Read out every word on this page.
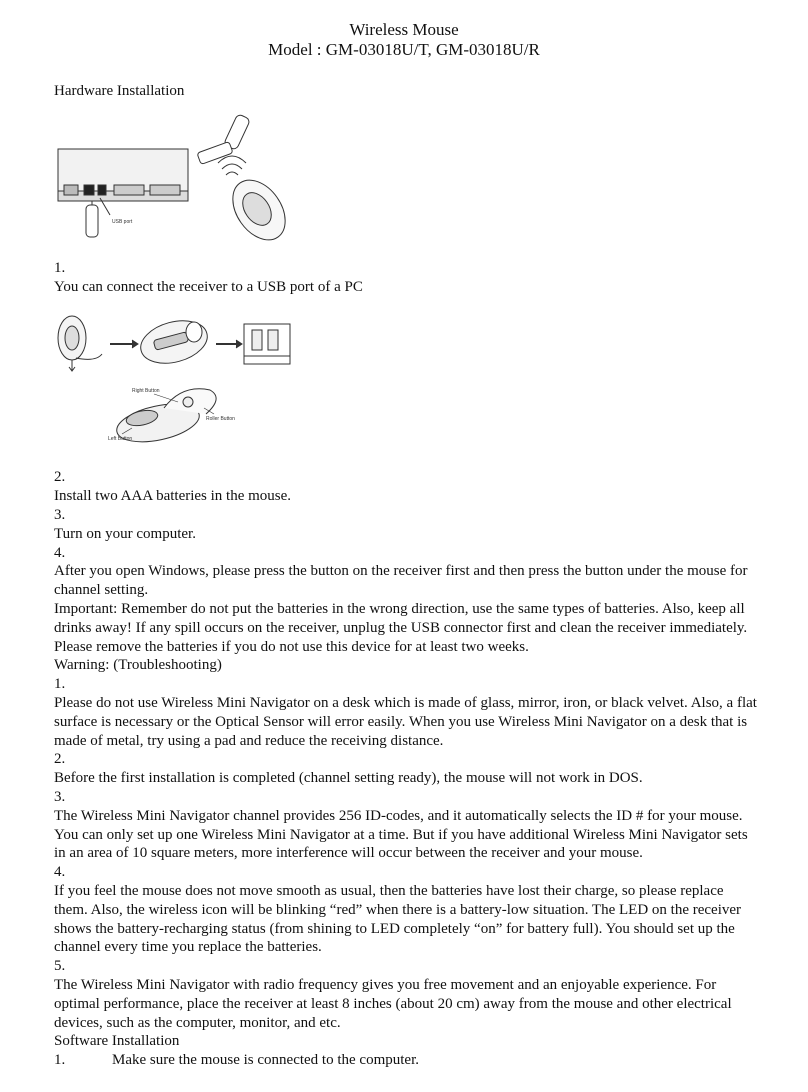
Wireless Mouse
Model : GM-03018U/T, GM-03018U/R

Hardware Installation

USB port

1.

You can connect the receiver to a USB port of a PC

Right Button
Roller Button
Left Button

2.

Install two AAA batteries in the mouse.

3.

Turn on your computer.

4.

After you open Windows, please press the button on the receiver first and then press the button under the mouse for channel setting.

Important: Remember do not put the batteries in the wrong direction, use the same types of batteries. Also, keep all drinks away! If any spill occurs on the receiver, unplug the USB connector first and clean the receiver immediately. Please remove the batteries if you do not use this device for at least two weeks.

Warning: (Troubleshooting)

1.

Please do not use Wireless Mini Navigator on a desk which is made of glass, mirror, iron, or black velvet. Also, a flat surface is necessary or the Optical Sensor will error easily. When you use Wireless Mini Navigator on a desk that is made of metal, try using a pad and reduce the receiving distance.

2.

Before the first installation is completed (channel setting ready), the mouse will not work in DOS.

3.

The Wireless Mini Navigator channel provides 256 ID-codes, and it automatically selects the ID # for your mouse. You can only set up one Wireless Mini Navigator at a time. But if you have additional Wireless Mini Navigator sets in an area of 10 square meters, more interference will occur between the receiver and your mouse.

4.

If you feel the mouse does not move smooth as usual, then the batteries have lost their charge, so please replace them. Also, the wireless icon will be blinking “red” when there is a battery-low situation. The LED on the receiver shows the battery-recharging status (from shining to LED completely “on” for battery full). You should set up the channel every time you replace the batteries.

5.

The Wireless Mini Navigator with radio frequency gives you free movement and an enjoyable experience. For optimal performance, place the receiver at least 8 inches (about 20 cm) away from the mouse and other electrical devices, such as the computer, monitor, and etc.

Software Installation

1.	Make sure the mouse is connected to the computer.
